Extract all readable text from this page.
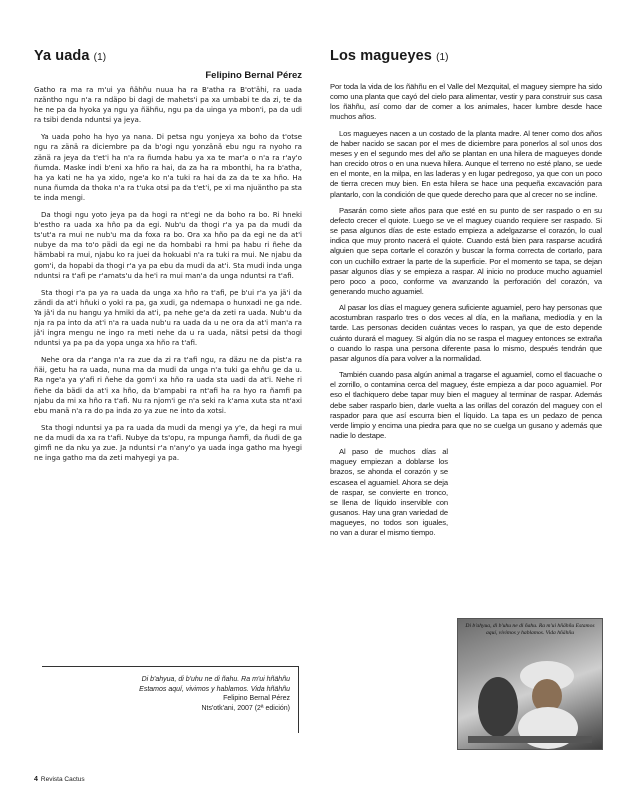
Ya uada (1)
Felipino Bernal Pérez

Gatho ra ma ra m'ui ya ñähñu nuua ha ra B'atha ra B'ot'ähi, ra uada nzäntho ngu n'a ra ndäpo bi dagi de mahets'i pa xa umbabi te da zi, te da he ne pa da hyoka ya ngu ya ñähñu, ngu pa da uinga ya mbon'i, pa da udi ra tsibi denda nduntsi ya jeya.

Ya uada poho ha hyo ya nana. Di petsa ngu yonjeya xa boho da t'otse ngu ra zänä ra diciembre pa da b'ogi ngu yonzänä ebu ngu ra nyoho ra zänä ra jeya da t'et'i ha n'a ra ñumda habu ya xa te mar'a o n'a ra r'ay'o ñumda. Maske indi b'eni xa hño ra hai, da za ha ra mbonthi, ha ra b'atha, ha ya kati ne ha ya xido, nge'a ko n'a tuki ra hai da za da te xa hño. Ha nuna ñumda da thoka n'a ra t'uka otsi pa da t'et'i, pe xi ma njuäntho pa sta te inda mengi.

Da thogi ngu yoto jeya pa da hogi ra nt'egi ne da boho ra bo. Ri hneki b'estho ra uada xa hño pa da egi. Nub'u da thogi r'a ya pa da mudi da ts'ut'a ra mui ne nub'u ma da foxa ra bo. Ora xa hño pa da egi ne da at'i nubye da ma to'o pädi da egi ne da hombabi ra hmi pa habu ri ñehe da hämbabi ra mui, njabu ko ra juei da hokuabi n'a ra tuki ra mui. Ne njabu da gom'i, da hopabi da thogi r'a ya pa ebu da mudi da at'i. Sta mudi inda unga nduntsi ra t'afi pe r'amats'u da he'i ra mui man'a da unga nduntsi ra t'afi.

Sta thogi r'a pa ya ra uada da unga xa hño ra t'afi, pe b'ui r'a ya jä'i da zändi da at'i hñuki o yoki ra pa, ga xudi, ga ndemapa o hunxadi ne ga nde. Ya jä'i da nu hangu ya hmiki da at'i, pa nehe ge'a da zeti ra uada. Nub'u da nja ra pa into da at'i n'a ra uada nub'u ra uada da u ne ora da at'i man'a ra jä'i ingra mengu ne ingo ra meti nehe da u ra uada, nätsi petsi da thogi nduntsi ya pa pa da yopa unga xa hño ra t'afi.

Nehe ora da r'anga n'a ra zue da zi ra t'afi ngu, ra däzu ne da pist'a ra ñäi, getu ha ra uada, nuna ma da mudi da unga n'a tuki ga ehñu ge da u. Ra nge'a ya y'afi ri ñehe da gom'i xa hño ra uada sta uadi da at'i. Nehe ri ñehe da bädi da at'i xa hño, da b'ampabi ra nt'afi ha ra hyo ra ñamfi pa njabu da mi xa hño ra t'afi. Nu ra njom'i ge n'a seki ra k'ama xuta sta nt'axi ebu manä n'a ra do pa inda zo ya zue ne into da xotsi.

Sta thogi nduntsi ya pa ra uada da mudi da mengi ya y'e, da hegi ra mui ne da mudi da xa ra t'afi. Nubye da ts'opu, ra mpunga ñamfi, da ñudi de ga gimfi ne da nku ya zue. Ja nduntsi r'a n'any'o ya uada inga gatho ma hyegi ne inga gatho ma da zeti mahyegi ya pa.

Di b'ahyua, di b'uhu ne di ñahu. Ra m'ui hñähñu
Estamos aquí, vivimos y hablamos. Vida hñähñu
Felipino Bernal Pérez
Nts'otk'ani, 2007 (2ª edición)
Los magueyes (1)

Por toda la vida de los ñähñu en el Valle del Mezquital, el maguey siempre ha sido como una planta que cayó del cielo para alimentar, vestir y para construir sus casa los ñähñu, así como dar de comer a los animales, hacer lumbre desde hace muchos años.

Los magueyes nacen a un costado de la planta madre. Al tener como dos años de haber nacido se sacan por el mes de diciembre para ponerlos al sol unos dos meses y en el segundo mes del año se plantan en una hilera de magueyes donde han crecido otros o en una nueva hilera. Aunque el terreno no esté plano, se uede en el monte, en la milpa, en las laderas y en lugar pedregoso, ya que con un poco de tierra crecen muy bien. En esta hilera se hace una pequeña excavación para plantarlo, con la condición de que quede derecho para que al crecer no se incline.

Pasarán como siete años para que esté en su punto de ser raspado o en su defecto crecer el quiote. Luego se ve el maguey cuando requiere ser raspado. Si se pasa algunos días de este estado empieza a adelgazarse el corazón, lo cual indica que muy pronto nacerá el quiote. Cuando está bien para rasparse acudirá alguien que sepa cortarle el corazón y buscar la forma correcta de cortarlo, para con un cuchillo extraer la parte de la superficie. Por el momento se tapa, se dejan pasar algunos días y se empieza a raspar. Al inicio no produce mucho aguamiel pero poco a poco, conforme va avanzando la perforación del corazón, va generando mucho aguamiel.

Al pasar los días el maguey genera suficiente aguamiel, pero hay personas que acostumbran rasparlo tres o dos veces al día, en la mañana, mediodía y en la tarde. Las personas deciden cuántas veces lo raspan, ya que de esto depende cuánto durará el maguey. Si algún día no se raspa el maguey entonces se extraña o cuando lo raspa una persona diferente pasa lo mismo, después tendrán que pasar algunos día para volver a la normalidad.

También cuando pasa algún animal a tragarse el aguamiel, como el tlacuache o el zorrillo, o contamina cerca del maguey, éste empieza a dar poco aguamiel. Por eso el tlachiquero debe tapar muy bien el maguey al terminar de raspar. Además debe saber rasparlo bien, darle vuelta a las orillas del corazón del maguey con el raspador para que así escurra bien el líquido. La tapa es un pedazo de penca verde limpio y encima una piedra para que no se cuelga un gusano y además que nadie lo destape.

Al paso de muchos días al maguey empiezan a doblarse los brazos, se ahonda el corazón y se escasea el aguamiel. Ahora se deja de raspar, se convierte en tronco, se llena de líquido inservible con gusanos. Hay una gran variedad de magueyes, no todos son iguales, no van a durar el mismo tiempo.

Di b'ahyua, di b'uhu ne di ñahu. Ra m'ui hñähñu Estamos aquí, vivimos y hablamos. Vida hñähñu
4 Revista Cactus
